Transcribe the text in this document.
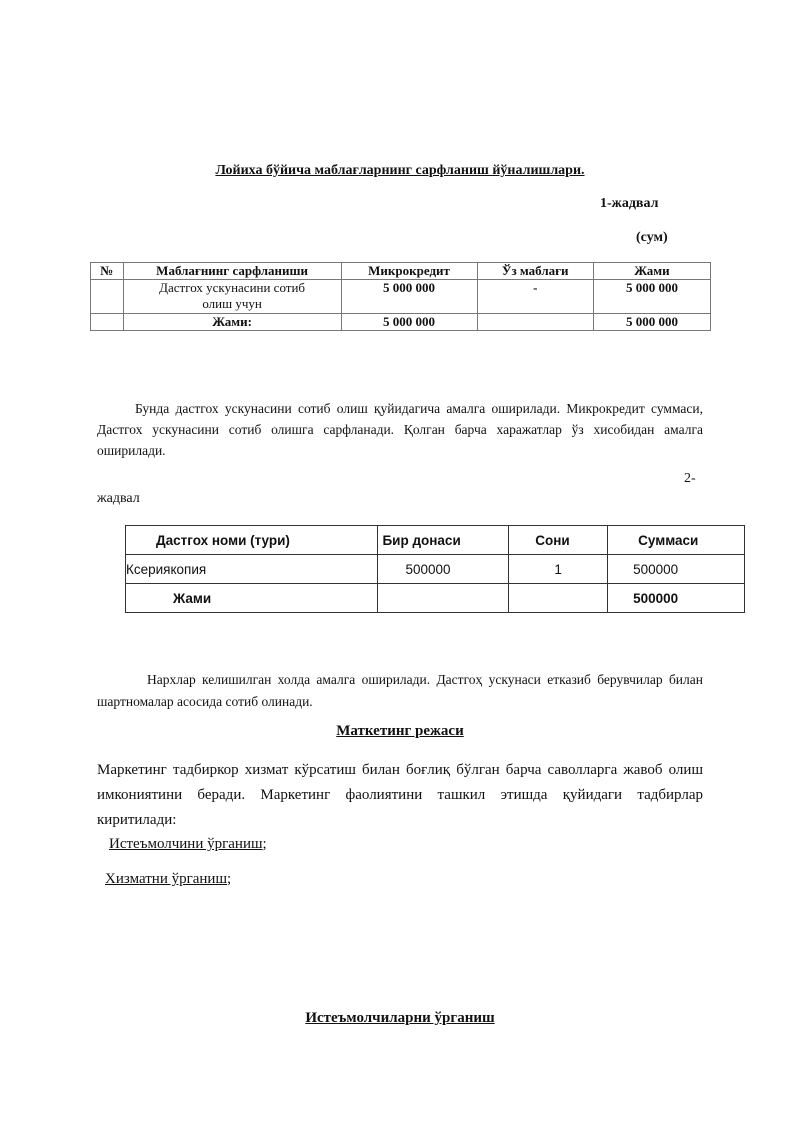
Лойиха бўйича маблағларнинг сарфланиш йўналишлари.
1-жадвал
(сум)
№	Маблағнинг сарфланиши	Микрокредит	Ўз маблағи	Жами
	Дастгох ускунасини сотиб олиш учун	5 000 000	-	5 000 000
	Жами:	5 000 000		5 000 000
Бунда дастгох ускунасини сотиб олиш қуйидагича амалга оширилади. Микрокредит суммаси, Дастгох ускунасини сотиб олишга сарфланади. Қолган барча харажатлар ўз хисобидан амалга оширилади.
2-
жадвал
Дастгох номи (тури)	Бир донаси	Сони	Суммаси
Ксериякопия	500000	1	500000
Жами			500000
Нархлар келишилган холда амалга оширилади. Дастгоҳ ускунаси етказиб берувчилар билан шартномалар асосида сотиб олинади.
Маткетинг режаси
Маркетинг тадбиркор хизмат кўрсатиш билан боғлиқ бўлган барча саволларга жавоб олиш имкониятини беради. Маркетинг фаолиятини ташкил этишда қуйидаги тадбирлар киритилади:
Истеъмолчини ўрганиш;
Хизматни ўрганиш;
Истеъмолчиларни ўрганиш
